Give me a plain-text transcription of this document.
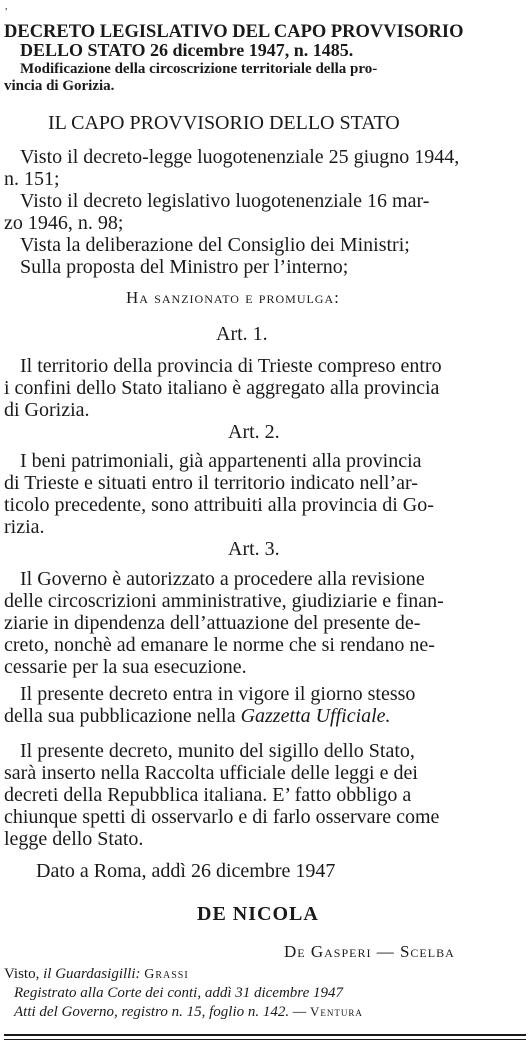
,

DECRETO LEGISLATIVO DEL CAPO PROVVISORIO

DELLO STATO 26 dicembre 1947, n. 1485.

Modificazione della circoscrizione territoriale della pro-

vincia di Gorizia.

IL CAPO PROVVISORIO DELLO STATO

Visto il decreto-legge luogotenenziale 25 giugno 1944,

n. 151;

Visto il decreto legislativo luogotenenziale 16 mar-

zo 1946, n. 98;

Vista la deliberazione del Consiglio dei Ministri;

Sulla proposta del Ministro per l’interno;

Ha sanzionato e promulga:

Art. 1.

Il territorio della provincia di Trieste compreso entro

i confini dello Stato italiano è aggregato alla provincia

di Gorizia.

Art. 2.

I beni patrimoniali, già appartenenti alla provincia

di Trieste e situati entro il territorio indicato nell’ar-

ticolo precedente, sono attribuiti alla provincia di Go-

rizia.

Art. 3.

Il Governo è autorizzato a procedere alla revisione

delle circoscrizioni amministrative, giudiziarie e finan-

ziarie in dipendenza dell’attuazione del presente de-

creto, nonchè ad emanare le norme che si rendano ne-

cessarie per la sua esecuzione.

Il presente decreto entra in vigore il giorno stesso

della sua pubblicazione nella Gazzetta Ufficiale.

Il presente decreto, munito del sigillo dello Stato,

sarà inserto nella Raccolta ufficiale delle leggi e dei

decreti della Repubblica italiana. E’ fatto obbligo a

chiunque spetti di osservarlo e di farlo osservare come

legge dello Stato.

Dato a Roma, addì 26 dicembre 1947

DE NICOLA

De Gasperi — Scelba

Visto, il Guardasigilli: Grassi

Registrato alla Corte dei conti, addì 31 dicembre 1947

Atti del Governo, registro n. 15, foglio n. 142. — Ventura
